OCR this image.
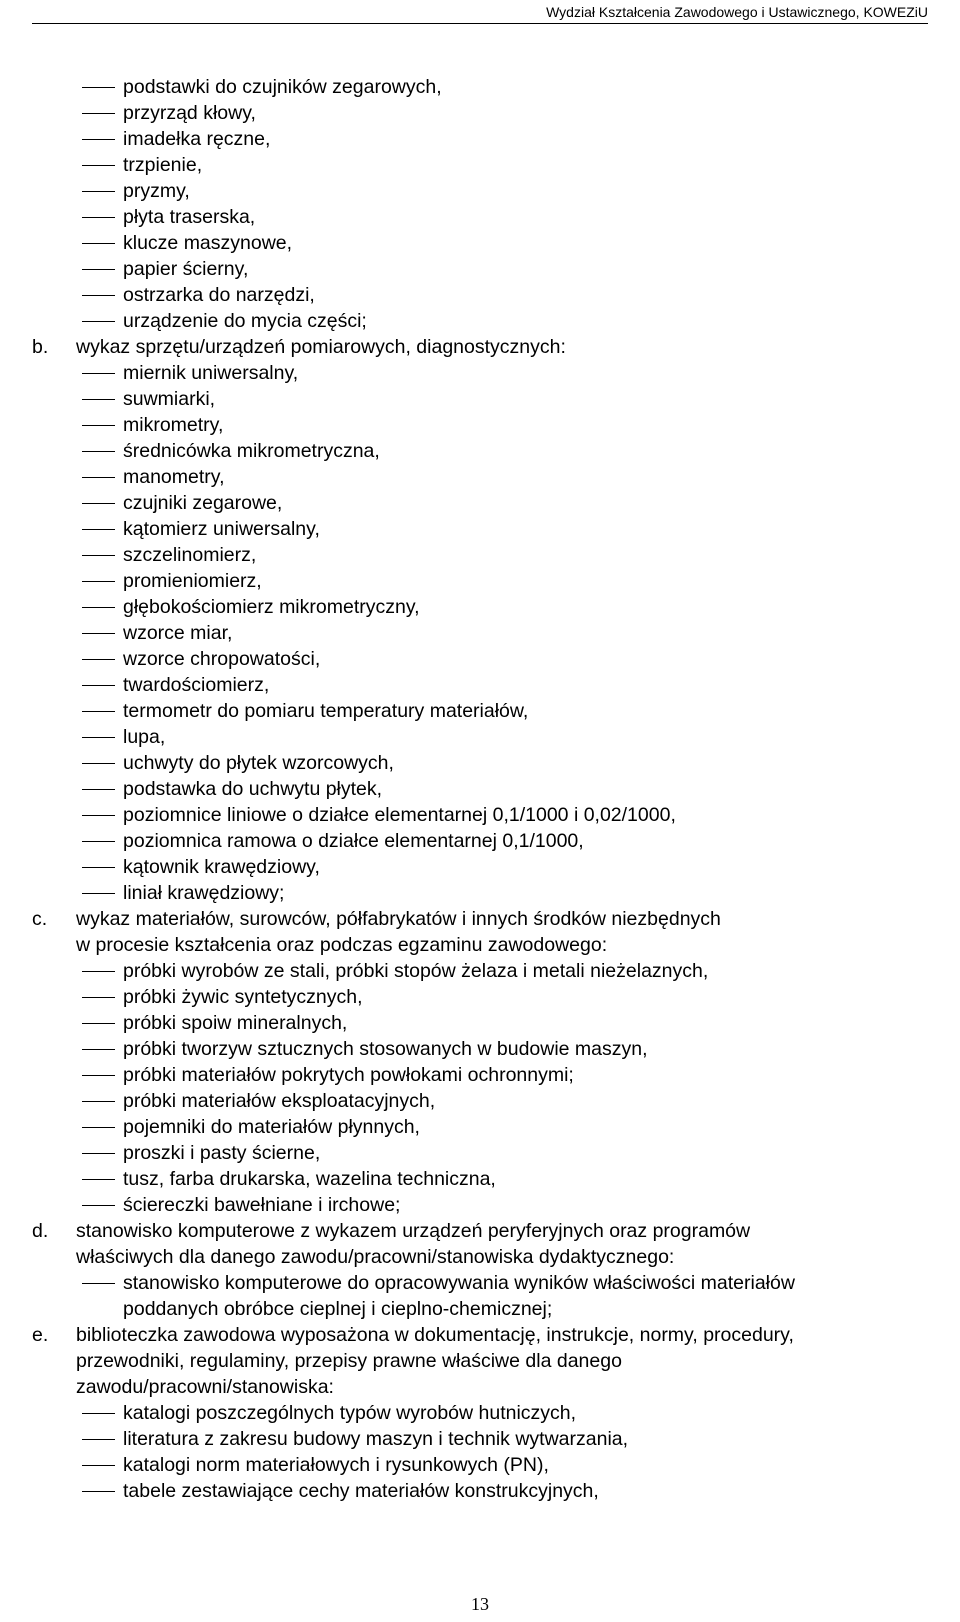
Wydział Kształcenia Zawodowego i Ustawicznego, KOWEZiU
podstawki do czujników zegarowych,
przyrząd kłowy,
imadełka ręczne,
trzpienie,
pryzmy,
płyta traserska,
klucze maszynowe,
papier ścierny,
ostrzarka do narzędzi,
urządzenie do mycia części;
b. wykaz sprzętu/urządzeń pomiarowych, diagnostycznych:
miernik uniwersalny,
suwmiarki,
mikrometry,
średnicówka mikrometryczna,
manometry,
czujniki zegarowe,
kątomierz uniwersalny,
szczelinomierz,
promieniomierz,
głębokościomierz mikrometryczny,
wzorce miar,
wzorce chropowatości,
twardościomierz,
termometr do pomiaru temperatury materiałów,
lupa,
uchwyty do płytek wzorcowych,
podstawka do uchwytu płytek,
poziomnice liniowe o działce elementarnej 0,1/1000 i 0,02/1000,
poziomnica ramowa o działce elementarnej 0,1/1000,
kątownik krawędziowy,
liniał krawędziowy;
c. wykaz materiałów, surowców, półfabrykatów i innych środków niezbędnych
w procesie kształcenia oraz podczas egzaminu zawodowego:
próbki wyrobów ze stali, próbki stopów żelaza i metali nieżelaznych,
próbki żywic syntetycznych,
próbki spoiw mineralnych,
próbki tworzyw sztucznych stosowanych w budowie maszyn,
próbki materiałów pokrytych powłokami ochronnymi;
próbki materiałów eksploatacyjnych,
pojemniki do materiałów płynnych,
proszki i pasty ścierne,
tusz, farba drukarska, wazelina techniczna,
ściereczki bawełniane i irchowe;
d. stanowisko komputerowe z wykazem urządzeń peryferyjnych oraz programów
właściwych dla danego zawodu/pracowni/stanowiska dydaktycznego:
stanowisko komputerowe do opracowywania wyników właściwości materiałów
poddanych obróbce cieplnej i cieplno-chemicznej;
e. biblioteczka zawodowa wyposażona w dokumentację, instrukcje, normy, procedury,
przewodniki, regulaminy, przepisy prawne właściwe dla danego
zawodu/pracowni/stanowiska:
katalogi poszczególnych typów wyrobów hutniczych,
literatura z zakresu budowy maszyn i technik wytwarzania,
katalogi norm materiałowych i rysunkowych (PN),
tabele zestawiające cechy materiałów konstrukcyjnych,
13
